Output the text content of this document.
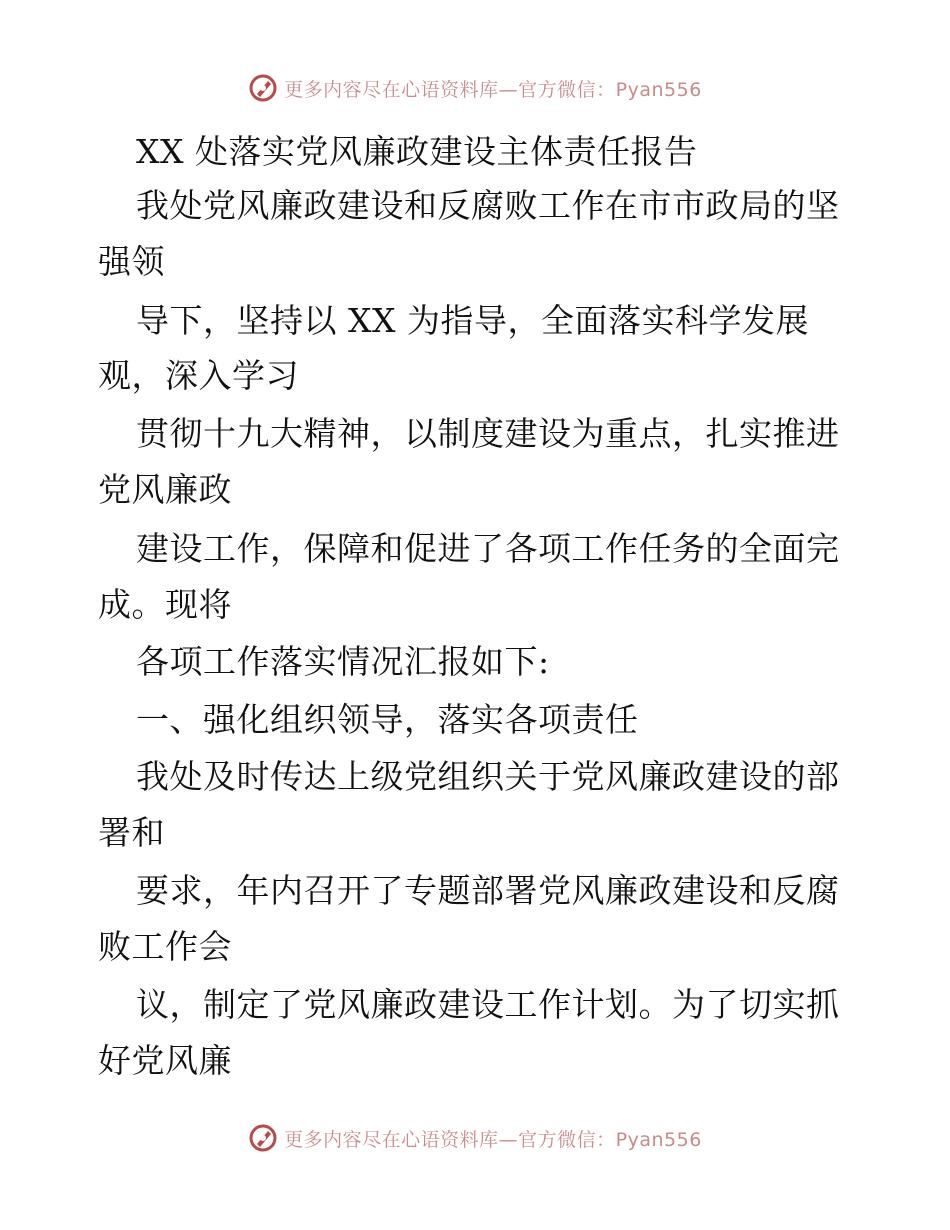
更多内容尽在心语资料库—官方微信：Pyan556
XX 处落实党风廉政建设主体责任报告
我处党风廉政建设和反腐败工作在市市政局的坚
强领
导下，坚持以 XX 为指导，全面落实科学发展
观，深入学习
贯彻十九大精神，以制度建设为重点，扎实推进
党风廉政
建设工作，保障和促进了各项工作任务的全面完
成。现将
各项工作落实情况汇报如下:
一、强化组织领导，落实各项责任
我处及时传达上级党组织关于党风廉政建设的部
署和
要求，年内召开了专题部署党风廉政建设和反腐
败工作会
议，制定了党风廉政建设工作计划。为了切实抓
好党风廉
更多内容尽在心语资料库—官方微信：Pyan556
